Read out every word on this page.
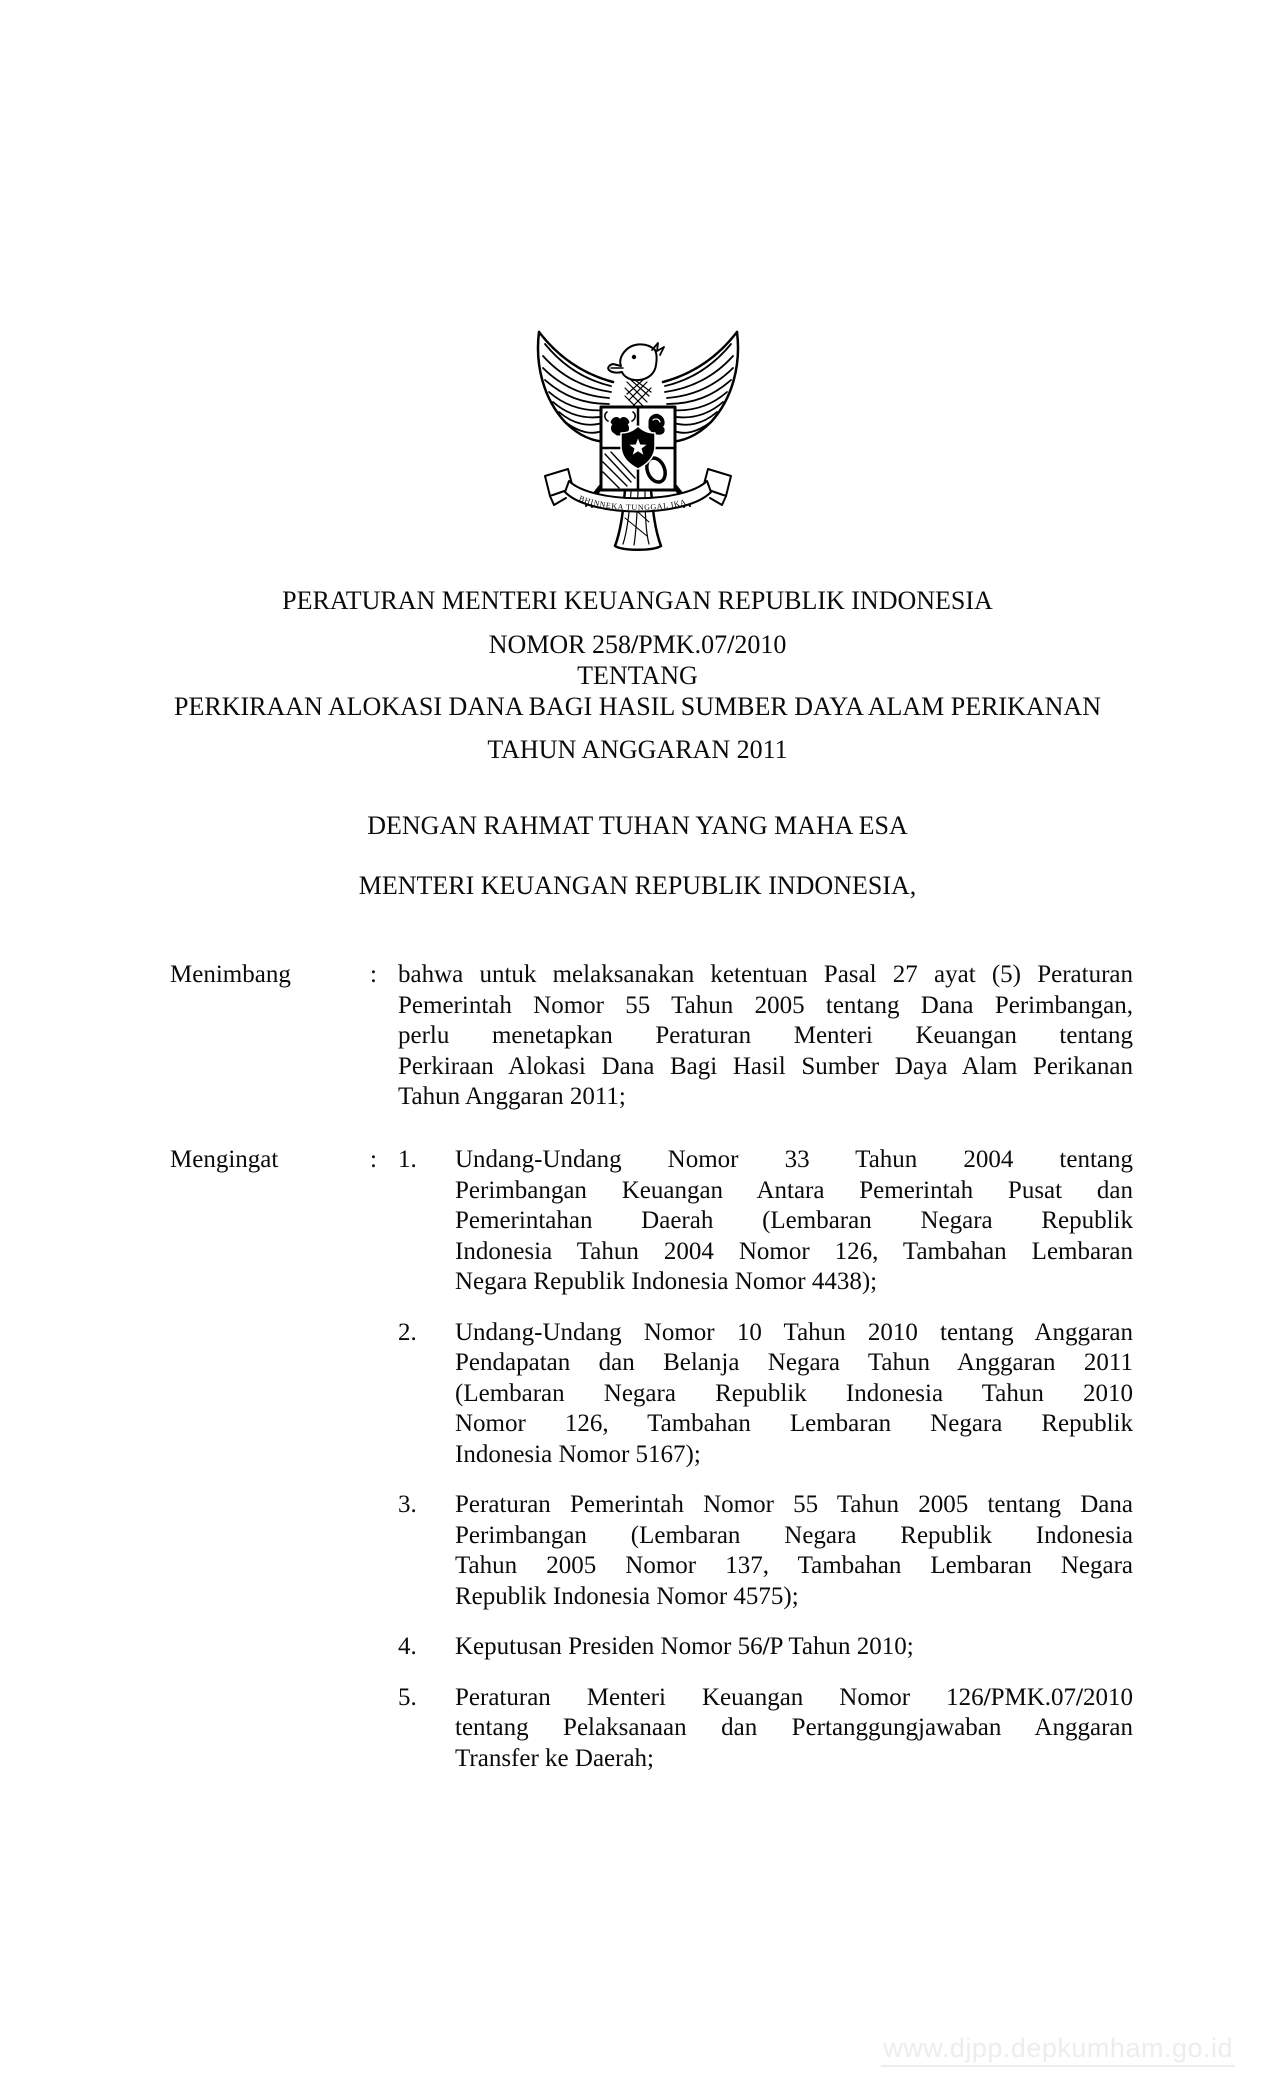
BHINNEKA TUNGGAL IKA
PERATURAN MENTERI KEUANGAN REPUBLIK INDONESIA
NOMOR 258/PMK.07/2010
TENTANG
PERKIRAAN ALOKASI DANA BAGI HASIL SUMBER DAYA ALAM PERIKANAN
TAHUN ANGGARAN 2011
DENGAN RAHMAT TUHAN YANG MAHA ESA
MENTERI KEUANGAN REPUBLIK INDONESIA,
Menimbang	: bahwa untuk melaksanakan ketentuan Pasal 27 ayat (5) Peraturan
Pemerintah Nomor 55 Tahun 2005 tentang Dana Perimbangan,
perlu menetapkan Peraturan Menteri Keuangan tentang
Perkiraan Alokasi Dana Bagi Hasil Sumber Daya Alam Perikanan
Tahun Anggaran 2011;
Mengingat	: 1.	Undang-Undang Nomor 33 Tahun 2004 tentang
Perimbangan Keuangan Antara Pemerintah Pusat dan
Pemerintahan Daerah (Lembaran Negara Republik
Indonesia Tahun 2004 Nomor 126, Tambahan Lembaran
Negara Republik Indonesia Nomor 4438);
2.	Undang-Undang Nomor 10 Tahun 2010 tentang Anggaran
Pendapatan dan Belanja Negara Tahun Anggaran 2011
(Lembaran Negara Republik Indonesia Tahun 2010
Nomor 126, Tambahan Lembaran Negara Republik
Indonesia Nomor 5167);
3.	Peraturan Pemerintah Nomor 55 Tahun 2005 tentang Dana
Perimbangan (Lembaran Negara Republik Indonesia
Tahun 2005 Nomor 137, Tambahan Lembaran Negara
Republik Indonesia Nomor 4575);
4.	Keputusan Presiden Nomor 56/P Tahun 2010;
5.	Peraturan Menteri Keuangan Nomor 126/PMK.07/2010
tentang Pelaksanaan dan Pertanggungjawaban Anggaran
Transfer ke Daerah;
www.djpp.depkumham.go.id
